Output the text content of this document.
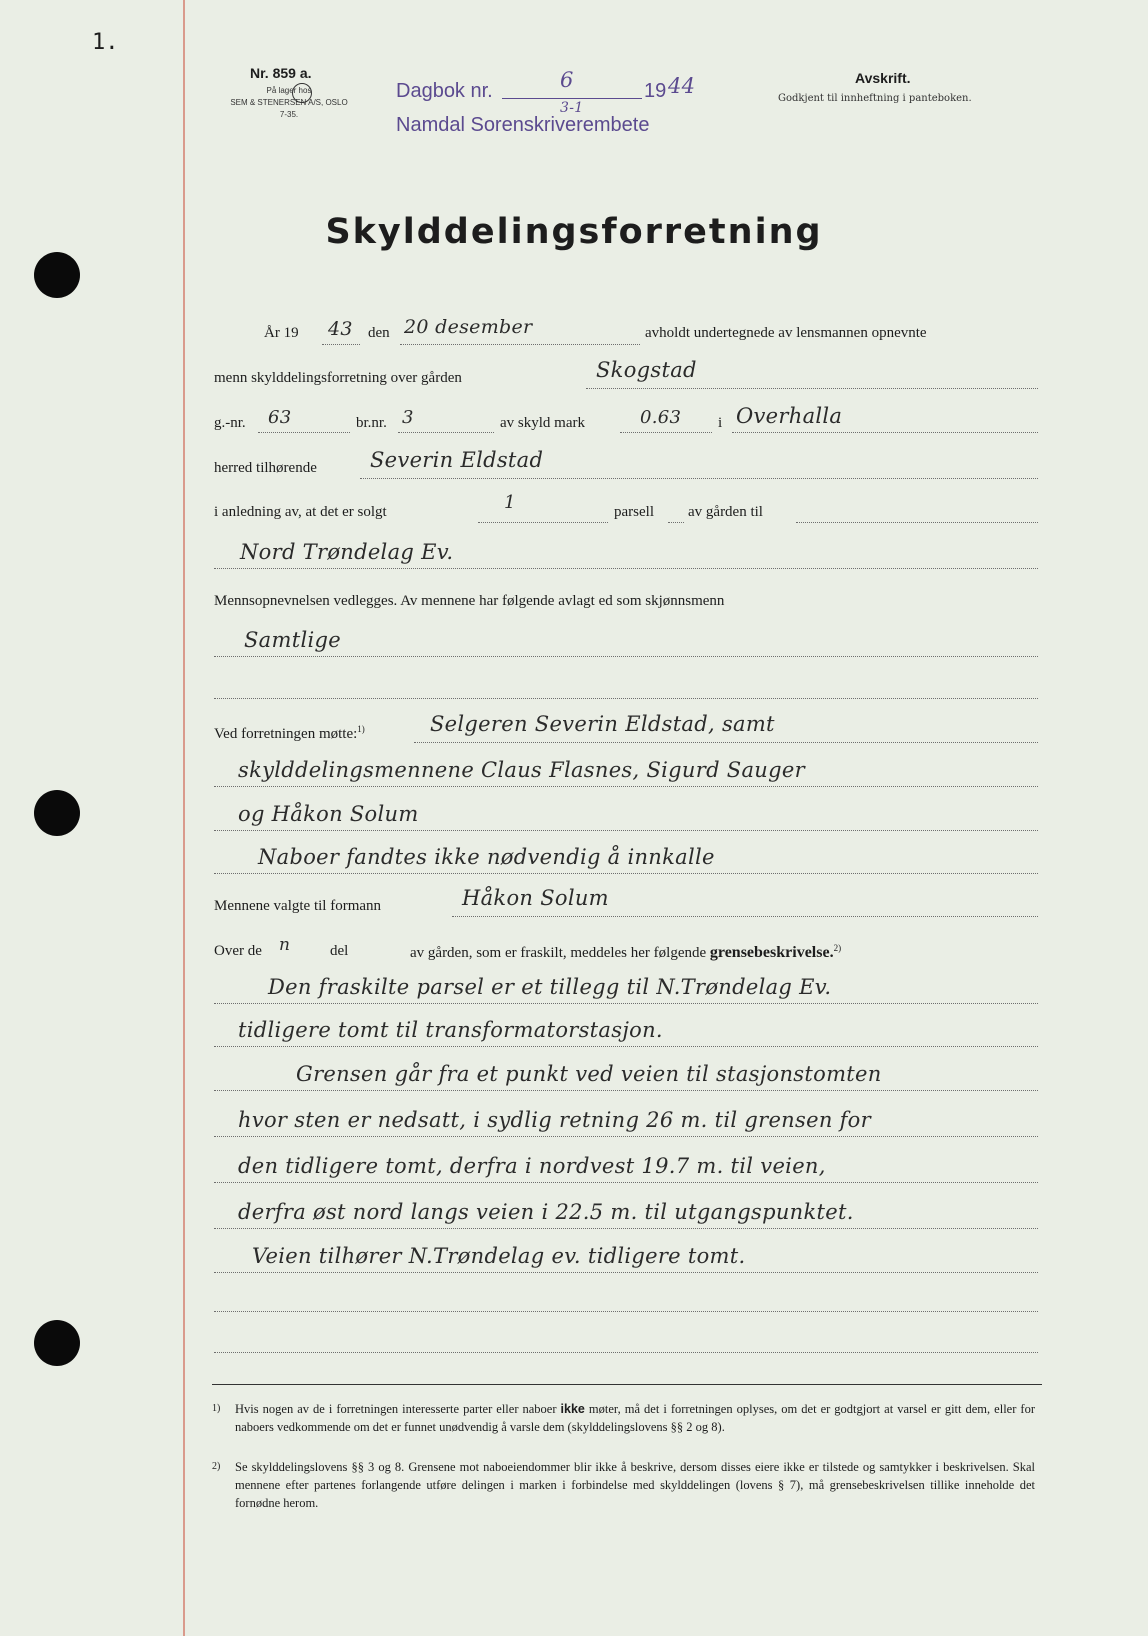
1.
Nr. 859 a.
På lager hos
SEM & STENERSEN A/S, OSLO
7-35.
Dagbok nr.	6
3-1
19 44
Namdal Sorenskriverembete
Avskrift.
Godkjent til innheftning i panteboken.
Skylddelingsforretning
År 19 43 den 20 desember	avholdt undertegnede av lensmannen opnevnte
menn skylddelingsforretning over gården	Skogstad
g.-nr. 63	br.nr. 3	av skyld mark	0.63 i Overhalla
herred tilhørende	Severin Eldstad
i anledning av, at det er solgt	1	parsell av gården til
Nord Trøndelag Ev.
Mennsopnevnelsen vedlegges. Av mennene har følgende avlagt ed som skjønnsmenn
Samtlige
Ved forretningen møtte:$^{1)}$	Selgeren Severin Eldstad, samt
skylddelingsmennene Claus Flasnes, Sigurd Sauger
og Håkon Solum
Naboer fandtes ikke nødvendig å innkalle
Mennene valgte til formann	Håkon Solum
Over de n	del	av gården, som er fraskilt, meddeles her følgende grensebeskrivelse.$^{2)}$
Den fraskilte parsel er et tillegg til N.Trøndelag Ev.
tidligere tomt til transformatorstasjon.
Grensen går fra et punkt ved veien til stasjonstomten
hvor sten er nedsatt, i sydlig retning 26 m. til grensen for
den tidligere tomt, derfra i nordvest 19.7 m. til veien,
derfra øst nord langs veien i 22.5 m. til utgangspunktet.
Veien tilhører N.Trøndelag ev. tidligere tomt.
1) Hvis nogen av de i forretningen interesserte parter eller naboer ikke møter, må det i forretningen oplyses, om det er godtgjort at varsel er gitt dem, eller for naboers vedkommende om det er funnet unødvendig å varsle dem (skylddelingslovens §§ 2 og 8).
2) Se skylddelingslovens §§ 3 og 8. Grensene mot naboeiendommer blir ikke å beskrive, dersom disses eiere ikke er tilstede og samtykker i beskrivelsen. Skal mennene efter partenes forlangende utføre delingen i marken i forbindelse med skylddelingen (lovens § 7), må grensebeskrivelsen tillike inneholde det fornødne herom.
